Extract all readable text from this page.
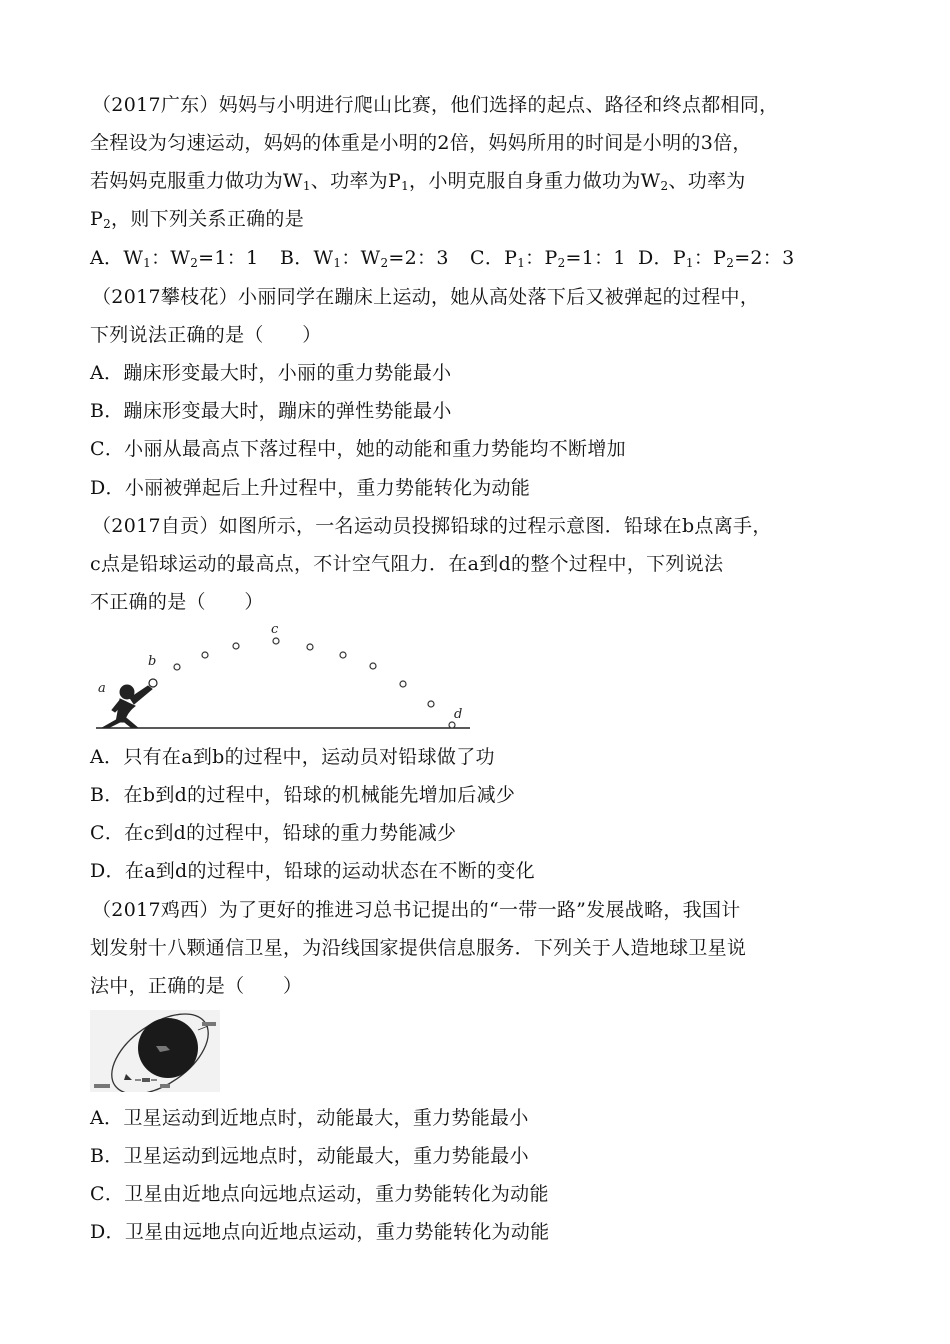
（2017广东）妈妈与小明进行爬山比赛，他们选择的起点、路径和终点都相同，
全程设为匀速运动，妈妈的体重是小明的2倍，妈妈所用的时间是小明的3倍，
若妈妈克服重力做功为$W_1$、功率为$P_1$，小明克服自身重力做功为$W_2$、功率为
$P_2$，则下列关系正确的是
A．$W_1$：$W_2=1$：1 B．$W_1$：$W_2=2$：3 C．$P_1$：$P_2=1$：1 D．$P_1$：$P_2=2$：3
（2017攀枝花）小丽同学在蹦床上运动，她从高处落下后又被弹起的过程中，
下列说法正确的是（　　）
A．蹦床形变最大时，小丽的重力势能最小
B．蹦床形变最大时，蹦床的弹性势能最小
C．小丽从最高点下落过程中，她的动能和重力势能均不断增加
D．小丽被弹起后上升过程中，重力势能转化为动能
（2017自贡）如图所示，一名运动员投掷铅球的过程示意图．铅球在b点离手，
c点是铅球运动的最高点，不计空气阻力．在a到d的整个过程中，下列说法
不正确的是（　　）
a
b
c
d
A．只有在a到b的过程中，运动员对铅球做了功
B．在b到d的过程中，铅球的机械能先增加后减少
C．在c到d的过程中，铅球的重力势能减少
D．在a到d的过程中，铅球的运动状态在不断的变化
（2017鸡西）为了更好的推进习总书记提出的“一带一路”发展战略，我国计
划发射十八颗通信卫星，为沿线国家提供信息服务．下列关于人造地球卫星说
法中，正确的是（　　）
A．卫星运动到近地点时，动能最大，重力势能最小
B．卫星运动到远地点时，动能最大，重力势能最小
C．卫星由近地点向远地点运动，重力势能转化为动能
D．卫星由远地点向近地点运动，重力势能转化为动能
